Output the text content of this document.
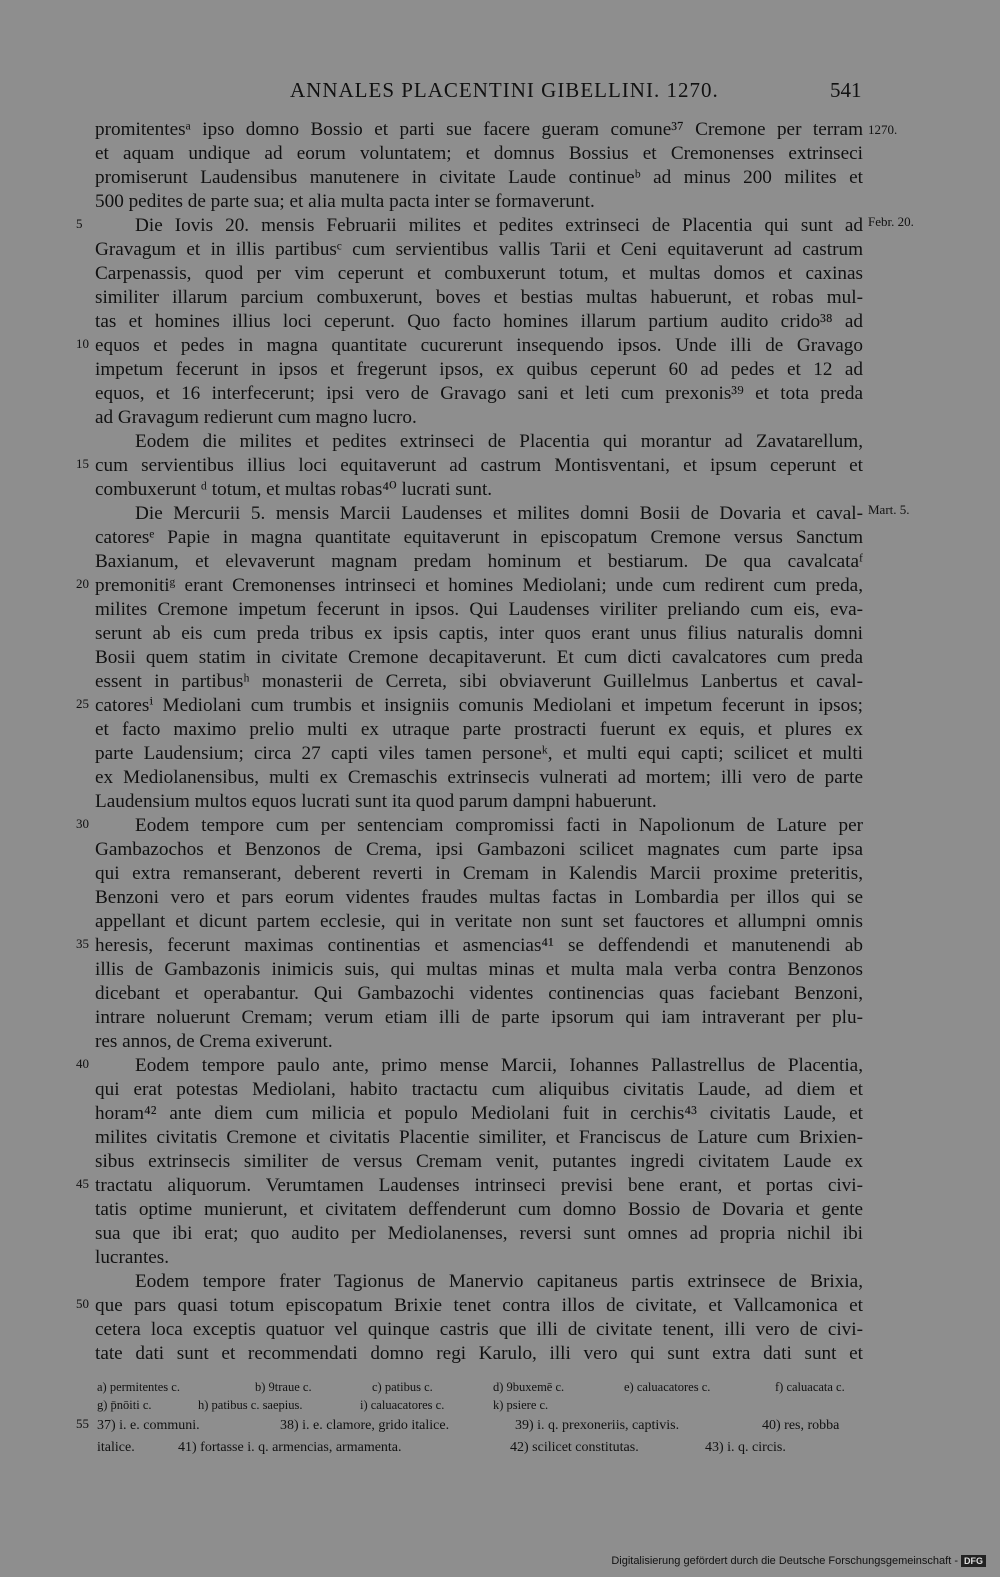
ANNALES PLACENTINI GIBELLINI. 1270.	541
1270.
Febr. 20.
Mart. 5.
5
10
15
20
25
30
35
40
45
50
55
promitentesᵃ ipso domno Bossio et parti sue facere gueram comune³⁷ Cremone per terram
et aquam undique ad eorum voluntatem; et domnus Bossius et Cremonenses extrinseci
promiserunt Laudensibus manutenere in civitate Laude continueᵇ ad minus 200 milites et
500 pedites de parte sua; et alia multa pacta inter se formaverunt.
Die Iovis 20. mensis Februarii milites et pedites extrinseci de Placentia qui sunt ad
Gravagum et in illis partibusᶜ cum servientibus vallis Tarii et Ceni equitaverunt ad castrum
Carpenassis, quod per vim ceperunt et combuxerunt totum, et multas domos et caxinas
similiter illarum parcium combuxerunt, boves et bestias multas habuerunt, et robas mul-
tas et homines illius loci ceperunt. Quo facto homines illarum partium audito crido³⁸ ad
equos et pedes in magna quantitate cucurerunt insequendo ipsos. Unde illi de Gravago
impetum fecerunt in ipsos et fregerunt ipsos, ex quibus ceperunt 60 ad pedes et 12 ad
equos, et 16 interfecerunt; ipsi vero de Gravago sani et leti cum prexonis³⁹ et tota preda
ad Gravagum redierunt cum magno lucro.
Eodem die milites et pedites extrinseci de Placentia qui morantur ad Zavatarellum,
cum servientibus illius loci equitaverunt ad castrum Montisventani, et ipsum ceperunt et
combuxerunt ᵈ totum, et multas robas⁴⁰ lucrati sunt.
Die Mercurii 5. mensis Marcii Laudenses et milites domni Bosii de Dovaria et caval-
catoresᵉ Papie in magna quantitate equitaverunt in episcopatum Cremone versus Sanctum
Baxianum, et elevaverunt magnam predam hominum et bestiarum. De qua cavalcataᶠ
premonitiᵍ erant Cremonenses intrinseci et homines Mediolani; unde cum redirent cum preda,
milites Cremone impetum fecerunt in ipsos. Qui Laudenses viriliter preliando cum eis, eva-
serunt ab eis cum preda tribus ex ipsis captis, inter quos erant unus filius naturalis domni
Bosii quem statim in civitate Cremone decapitaverunt. Et cum dicti cavalcatores cum preda
essent in partibusʰ monasterii de Cerreta, sibi obviaverunt Guillelmus Lanbertus et caval-
catoresⁱ Mediolani cum trumbis et insigniis comunis Mediolani et impetum fecerunt in ipsos;
et facto maximo prelio multi ex utraque parte prostracti fuerunt ex equis, et plures ex
parte Laudensium; circa 27 capti viles tamen personeᵏ, et multi equi capti; scilicet et multi
ex Mediolanensibus, multi ex Cremaschis extrinsecis vulnerati ad mortem; illi vero de parte
Laudensium multos equos lucrati sunt ita quod parum dampni habuerunt.
Eodem tempore cum per sentenciam compromissi facti in Napolionum de Lature per
Gambazochos et Benzonos de Crema, ipsi Gambazoni scilicet magnates cum parte ipsa
qui extra remanserant, deberent reverti in Cremam in Kalendis Marcii proxime preteritis,
Benzoni vero et pars eorum videntes fraudes multas factas in Lombardia per illos qui se
appellant et dicunt partem ecclesie, qui in veritate non sunt set fauctores et allumpni omnis
heresis, fecerunt maximas continentias et asmencias⁴¹ se deffendendi et manutenendi ab
illis de Gambazonis inimicis suis, qui multas minas et multa mala verba contra Benzonos
dicebant et operabantur. Qui Gambazochi videntes continencias quas faciebant Benzoni,
intrare noluerunt Cremam; verum etiam illi de parte ipsorum qui iam intraverant per plu-
res annos, de Crema exiverunt.
Eodem tempore paulo ante, primo mense Marcii, Iohannes Pallastrellus de Placentia,
qui erat potestas Mediolani, habito tractactu cum aliquibus civitatis Laude, ad diem et
horam⁴² ante diem cum milicia et populo Mediolani fuit in cerchis⁴³ civitatis Laude, et
milites civitatis Cremone et civitatis Placentie similiter, et Franciscus de Lature cum Brixien-
sibus extrinsecis similiter de versus Cremam venit, putantes ingredi civitatem Laude ex
tractatu aliquorum. Verumtamen Laudenses intrinseci previsi bene erant, et portas civi-
tatis optime munierunt, et civitatem deffenderunt cum domno Bossio de Dovaria et gente
sua que ibi erat; quo audito per Mediolanenses, reversi sunt omnes ad propria nichil ibi
lucrantes.
Eodem tempore frater Tagionus de Manervio capitaneus partis extrinsece de Brixia,
que pars quasi totum episcopatum Brixie tenet contra illos de civitate, et Vallcamonica et
cetera loca exceptis quatuor vel quinque castris que illi de civitate tenent, illi vero de civi-
tate dati sunt et recommendati domno regi Karulo, illi vero qui sunt extra dati sunt et
a) permitentes c.	b) 9traue c.	c) patibus c.	d) 9buxemē c.	e) caluacatores c.	f) caluacata c.
g) p̄nōiti c.	h) patibus c. saepius.	i) caluacatores c.	k) psiere c.
37) i. e. communi.	38) i. e. clamore, grido italice.	39) i. q. prexoneriis, captivis.	40) res, robba
italice.	41) fortasse i. q. armencias, armamenta.	42) scilicet constitutas.	43) i. q. circis.
Digitalisierung gefördert durch die Deutsche Forschungsgemeinschaft - DFG
